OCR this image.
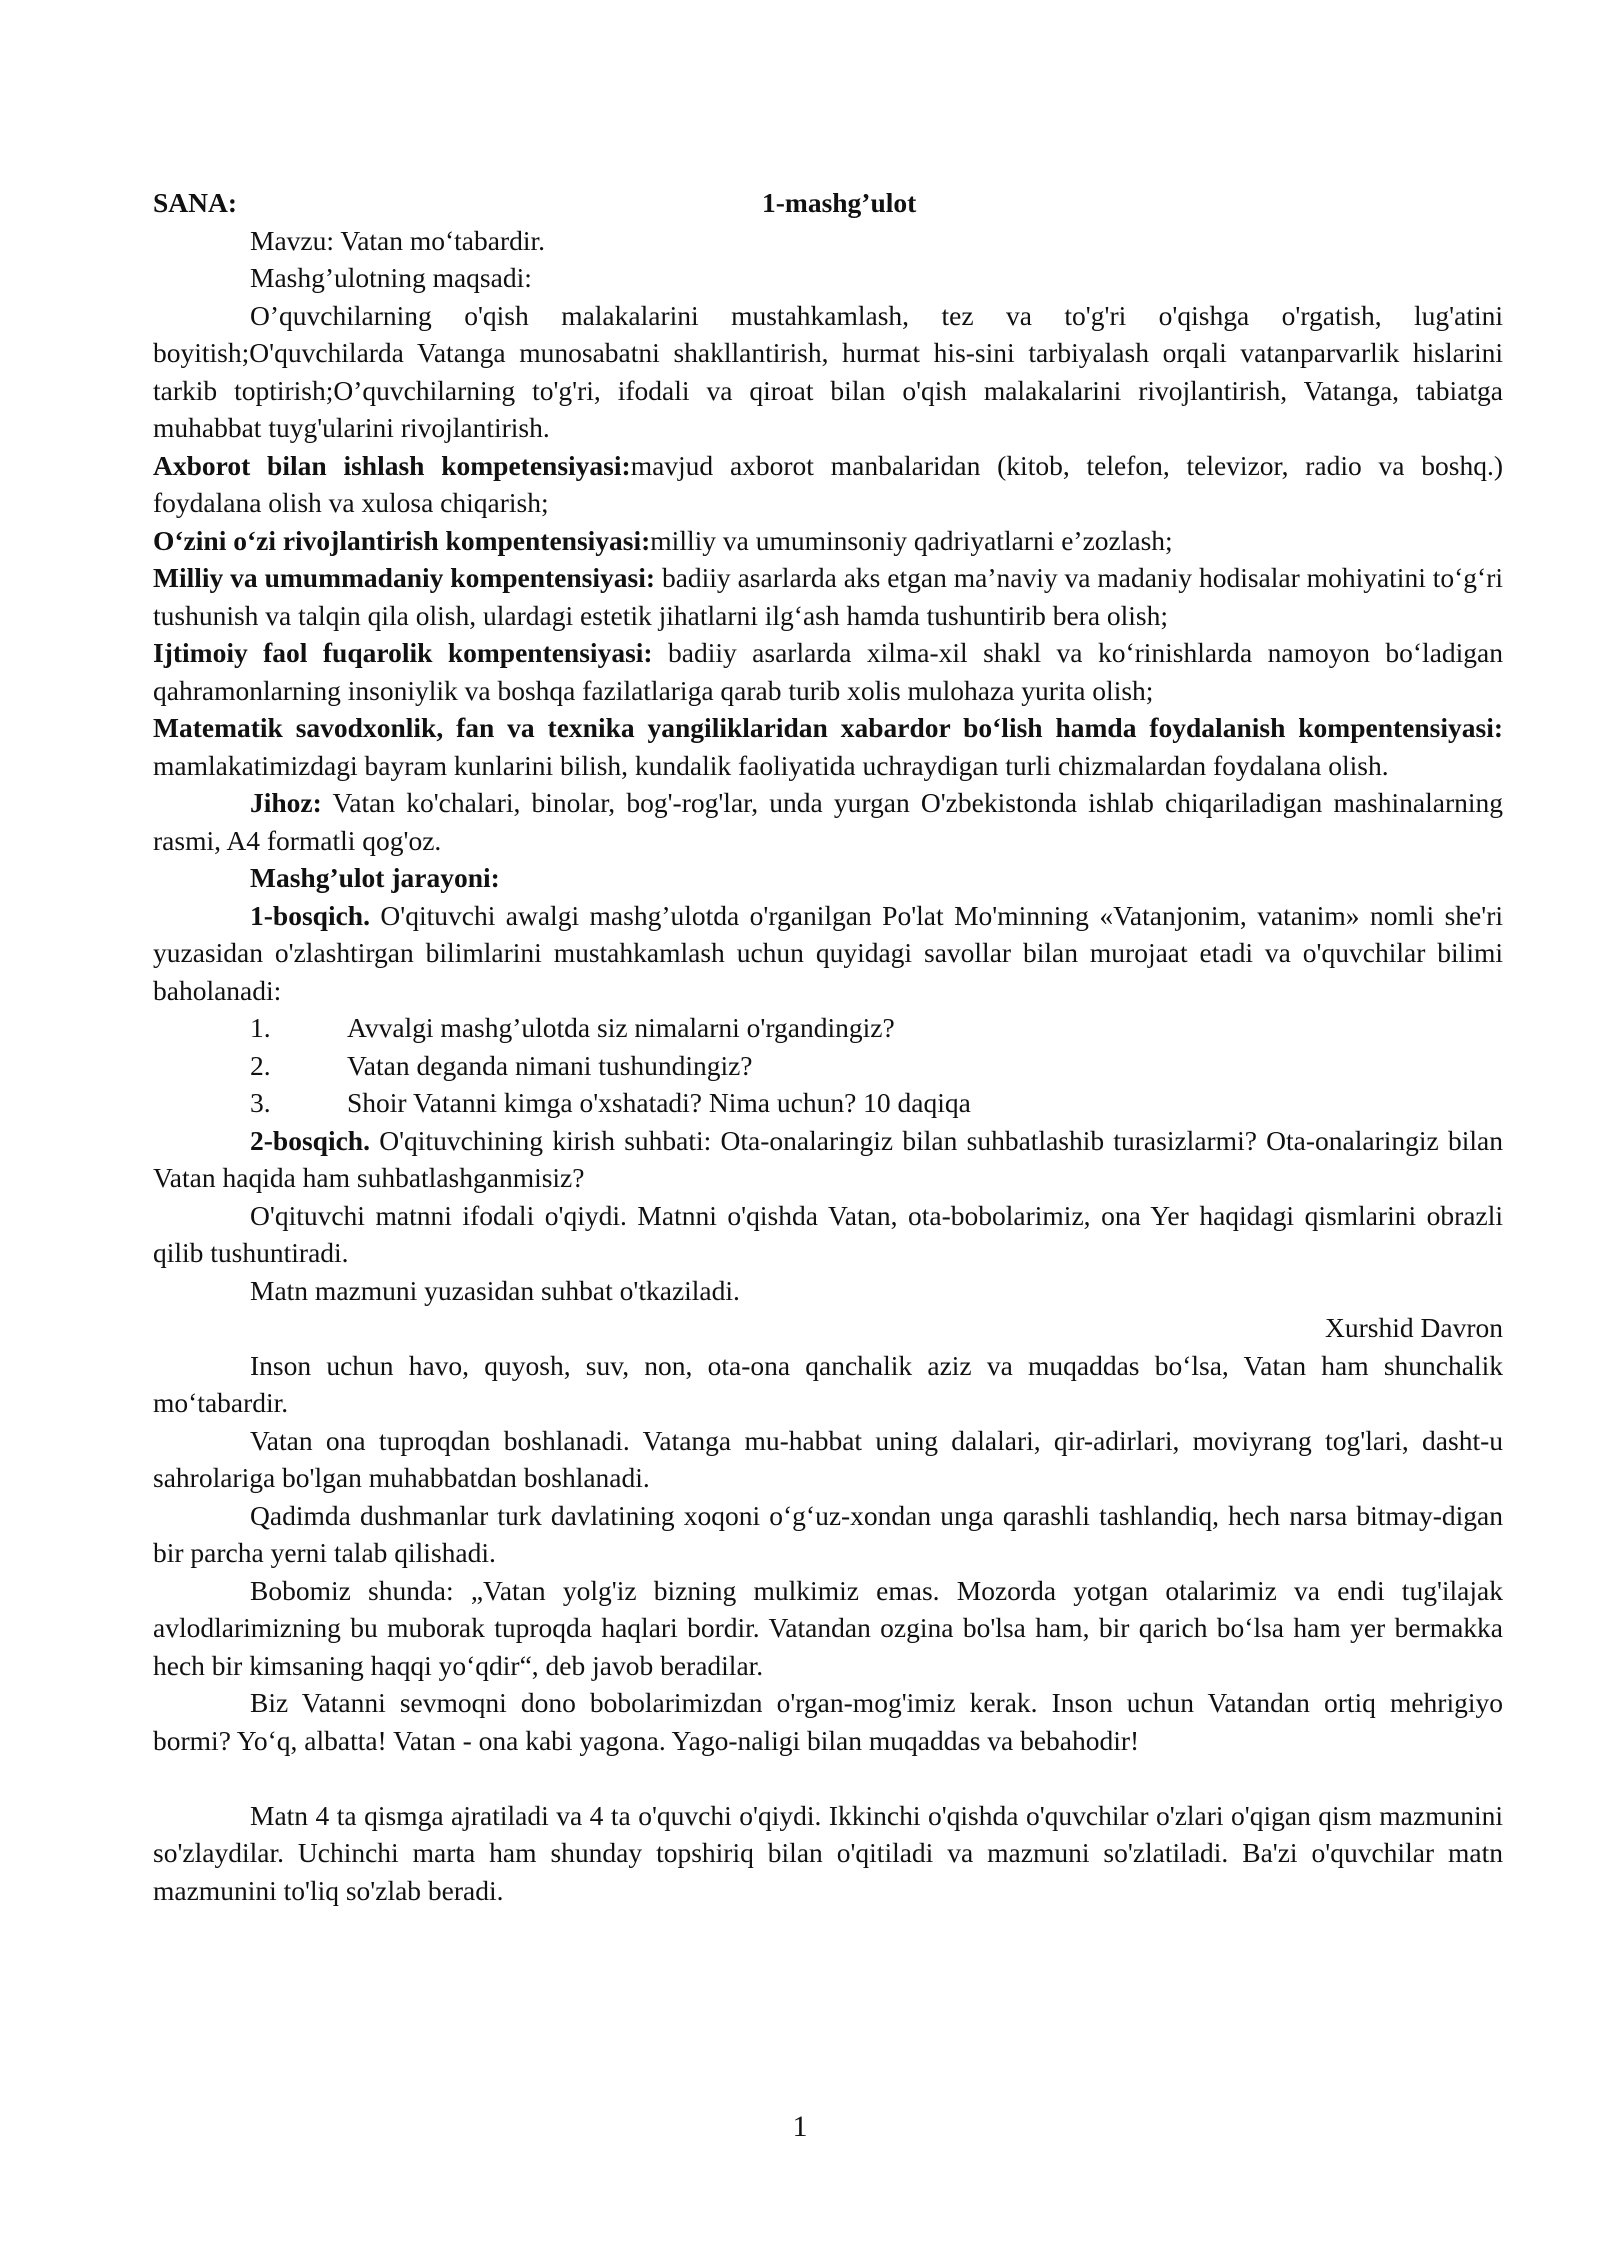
SANA:	1-mashg’ulot

Mavzu: Vatan mo‘tabardir.

Mashg’ulotning maqsadi:

O’quvchilarning o'qish malakalarini mustahkamlash, tez va to'g'ri o'qishga o'rgatish, lug'atini boyitish;O'quvchilarda Vatanga munosabatni shakllantirish, hurmat his-sini tarbiyalash orqali vatanparvarlik hislarini tarkib toptirish;O’quvchilarning to'g'ri, ifodali va qiroat bilan o'qish malakalarini rivojlantirish, Vatanga, tabiatga muhabbat tuyg'ularini rivojlantirish.

Axborot bilan ishlash kompetensiyasi:mavjud axborot manbalaridan (kitob, telefon, televizor, radio va boshq.) foydalana olish va xulosa chiqarish;

O‘zini o‘zi rivojlantirish kompentensiyasi:milliy va umuminsoniy qadriyatlarni e’zozlash;

Milliy va umummadaniy kompentensiyasi: badiiy asarlarda aks etgan ma’naviy va madaniy hodisalar mohiyatini to‘g‘ri tushunish va talqin qila olish, ulardagi estetik jihatlarni ilg‘ash hamda tushuntirib bera olish;

Ijtimoiy faol fuqarolik kompentensiyasi: badiiy asarlarda xilma-xil shakl va ko‘rinishlarda namoyon bo‘ladigan qahramonlarning insoniylik va boshqa fazilatlariga qarab turib xolis mulohaza yurita olish;

Matematik savodxonlik, fan va texnika yangiliklaridan xabardor bo‘lish hamda foydalanish kompentensiyasi: mamlakatimizdagi bayram kunlarini bilish, kundalik faoliyatida uchraydigan turli chizmalardan foydalana olish.

Jihoz: Vatan ko'chalari, binolar, bog'-rog'lar, unda yurgan O'zbekistonda ishlab chiqariladigan mashinalarning rasmi, A4 formatli qog'oz.

Mashg’ulot jarayoni:

1-bosqich. O'qituvchi awalgi mashg’ulotda o'rganilgan Po'lat Mo'minning «Vatanjonim, vatanim» nomli she'ri yuzasidan o'zlashtirgan bilimlarini mustahkamlash uchun quyidagi savollar bilan murojaat etadi va o'quvchilar bilimi baholanadi:

1.	Avvalgi mashg’ulotda siz nimalarni o'rgandingiz?
2.	Vatan deganda nimani tushundingiz?
3.	Shoir Vatanni kimga o'xshatadi? Nima uchun? 10 daqiqa

2-bosqich. O'qituvchining kirish suhbati: Ota-onalaringiz bilan suhbatlashib turasizlarmi? Ota-onalaringiz bilan Vatan haqida ham suhbatlashganmisiz?

O'qituvchi matnni ifodali o'qiydi. Matnni o'qishda Vatan, ota-bobolarimiz, ona Yer haqidagi qismlarini obrazli qilib tushuntiradi.

Matn mazmuni yuzasidan suhbat o'tkaziladi.

Xurshid Davron

Inson uchun havo, quyosh, suv, non, ota-ona qanchalik aziz va muqaddas bo‘lsa, Vatan ham shunchalik mo‘tabardir.

Vatan ona tuproqdan boshlanadi. Vatanga mu-habbat uning dalalari, qir-adirlari, moviyrang tog'lari, dasht-u sahrolariga bo'lgan muhabbatdan boshlanadi.

Qadimda dushmanlar turk davlatining xoqoni o‘g‘uz-xondan unga qarashli tashlandiq, hech narsa bitmay-digan bir parcha yerni talab qilishadi.

Bobomiz shunda: „Vatan yolg'iz bizning mulkimiz emas. Mozorda yotgan otalarimiz va endi tug'ilajak avlodlarimizning bu muborak tuproqda haqlari bordir. Vatandan ozgina bo'lsa ham, bir qarich bo‘lsa ham yer bermakka hech bir kimsaning haqqi yo‘qdir“, deb javob beradilar.

Biz Vatanni sevmoqni dono bobolarimizdan o'rgan-mog'imiz kerak. Inson uchun Vatandan ortiq mehrigiyo bormi? Yo‘q, albatta! Vatan - ona kabi yagona. Yago-naligi bilan muqaddas va bebahodir!

Matn 4 ta qismga ajratiladi va 4 ta o'quvchi o'qiydi. Ikkinchi o'qishda o'quvchilar o'zlari o'qigan qism mazmunini so'zlaydilar. Uchinchi marta ham shunday topshiriq bilan o'qitiladi va mazmuni so'zlatiladi. Ba'zi o'quvchilar matn mazmunini to'liq so'zlab beradi.

1
